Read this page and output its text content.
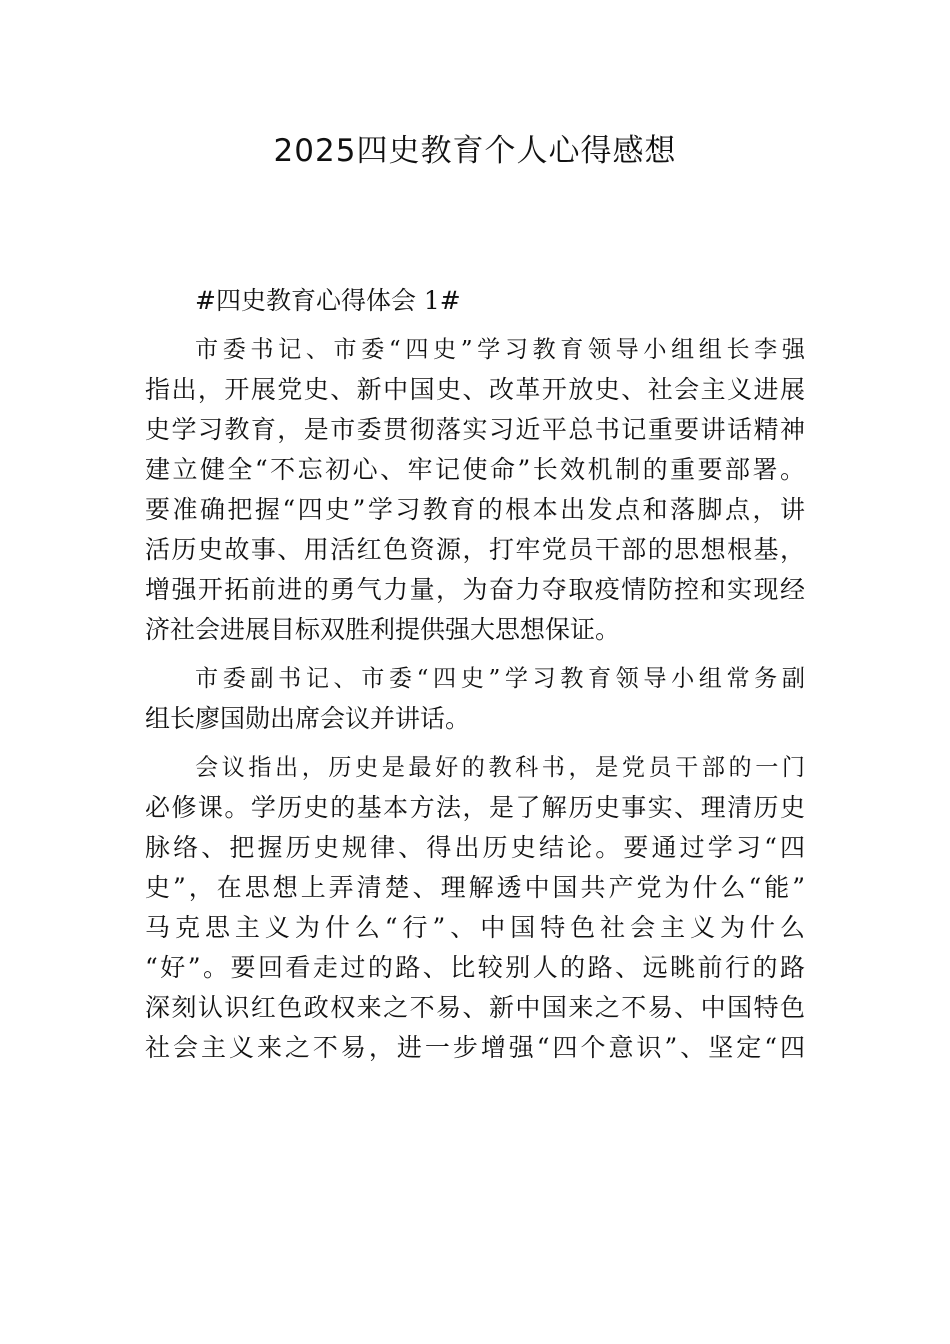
2025四史教育个人心得感想
#四史教育心得体会 1#
市委书记、市委“四史”学习教育领导小组组长李强
指出，开展党史、新中国史、改革开放史、社会主义进展
史学习教育，是市委贯彻落实习近平总书记重要讲话精神
建立健全“不忘初心、牢记使命”长效机制的重要部署。
要准确把握“四史”学习教育的根本出发点和落脚点，讲
活历史故事、用活红色资源，打牢党员干部的思想根基，
增强开拓前进的勇气力量，为奋力夺取疫情防控和实现经
济社会进展目标双胜利提供强大思想保证。
市委副书记、市委“四史”学习教育领导小组常务副
组长廖国勋出席会议并讲话。
会议指出，历史是最好的教科书，是党员干部的一门
必修课。学历史的基本方法，是了解历史事实、理清历史
脉络、把握历史规律、得出历史结论。要通过学习“四
史”，在思想上弄清楚、理解透中国共产党为什么“能”
马克思主义为什么“行”、中国特色社会主义为什么
“好”。要回看走过的路、比较别人的路、远眺前行的路
深刻认识红色政权来之不易、新中国来之不易、中国特色
社会主义来之不易，进一步增强“四个意识”、坚定“四
